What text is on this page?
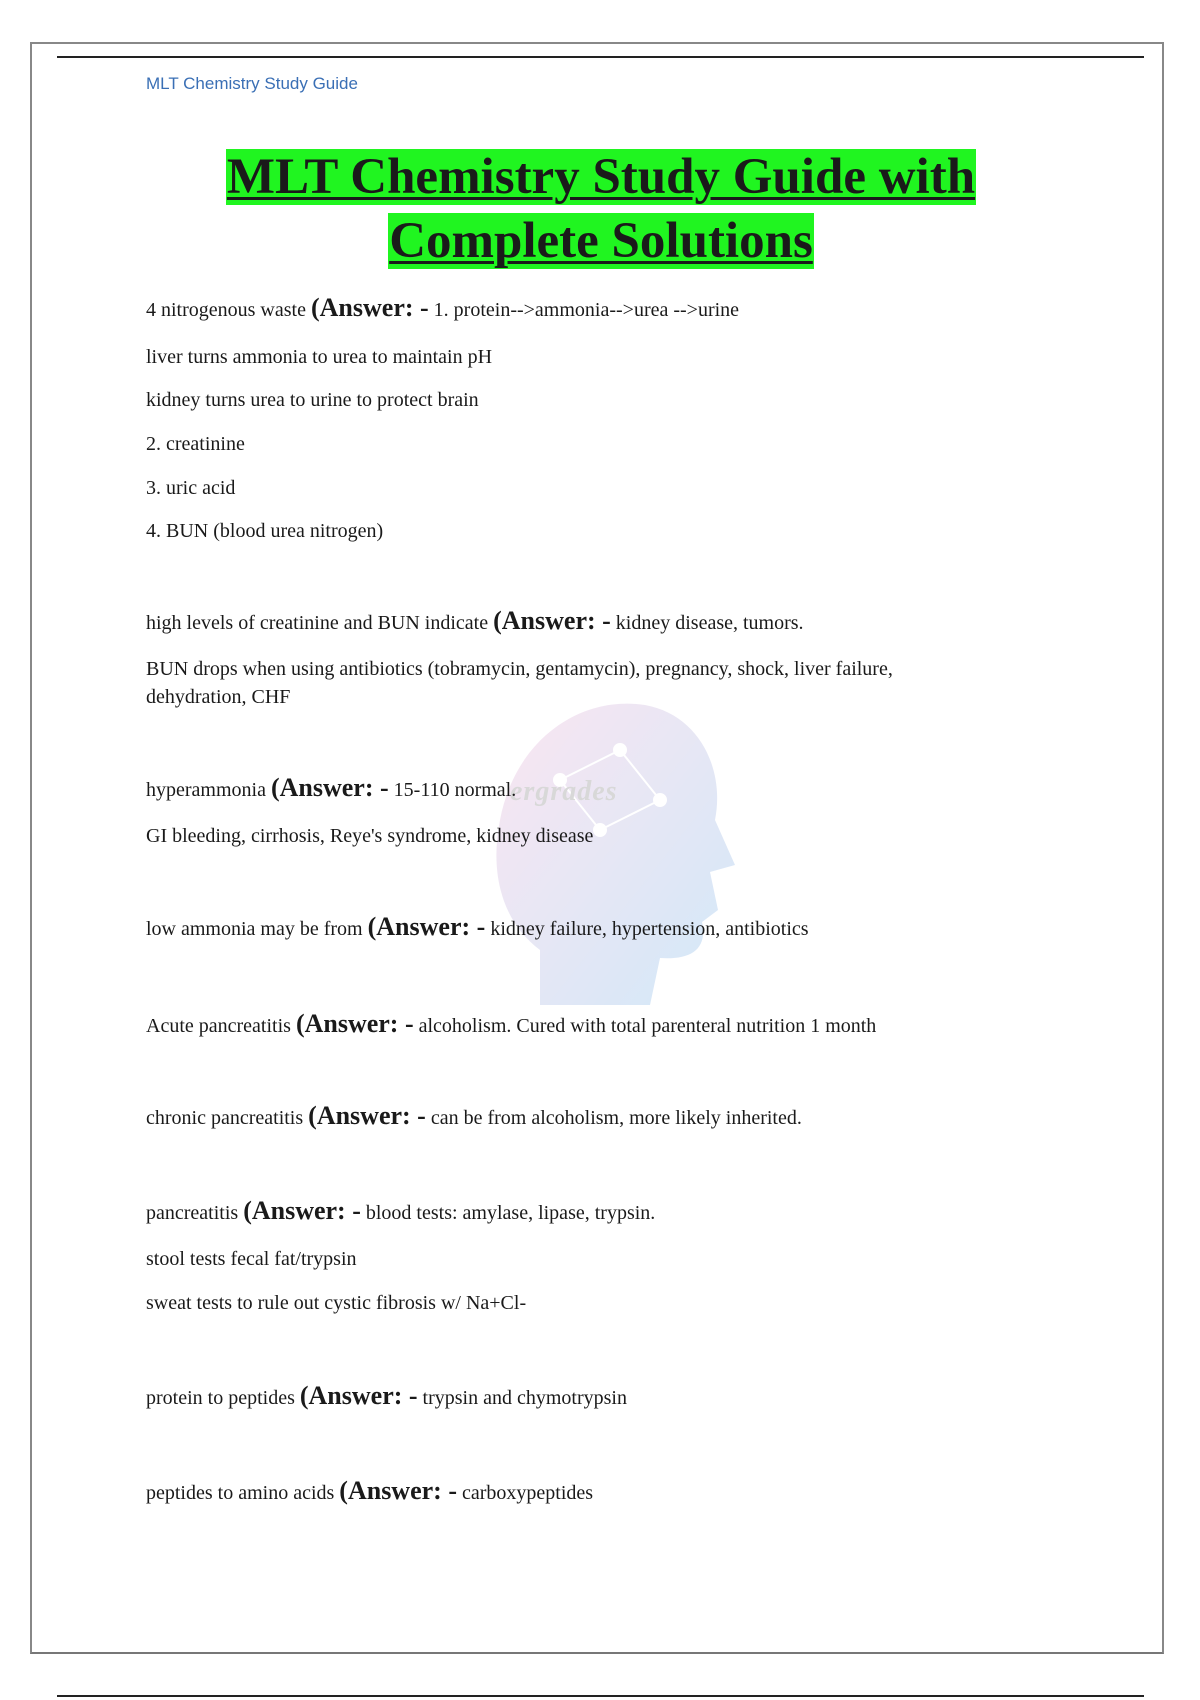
MLT Chemistry Study Guide
MLT Chemistry Study Guide with
Complete Solutions
ergrades
4 nitrogenous waste (Answer: - 1. protein-->ammonia-->urea -->urine
liver turns ammonia to urea to maintain pH
kidney turns urea to urine to protect brain
2. creatinine
3. uric acid
4. BUN (blood urea nitrogen)
high levels of creatinine and BUN indicate (Answer: - kidney disease, tumors.
BUN drops when using antibiotics (tobramycin, gentamycin), pregnancy, shock, liver failure, dehydration, CHF
hyperammonia (Answer: - 15-110 normal.
GI bleeding, cirrhosis, Reye's syndrome, kidney disease
low ammonia may be from (Answer: - kidney failure, hypertension, antibiotics
Acute pancreatitis (Answer: - alcoholism. Cured with total parenteral nutrition 1 month
chronic pancreatitis (Answer: - can be from alcoholism, more likely inherited.
pancreatitis (Answer: - blood tests: amylase, lipase, trypsin.
stool tests fecal fat/trypsin
sweat tests to rule out cystic fibrosis w/ Na+Cl-
protein to peptides (Answer: - trypsin and chymotrypsin
peptides to amino acids (Answer: - carboxypeptides
